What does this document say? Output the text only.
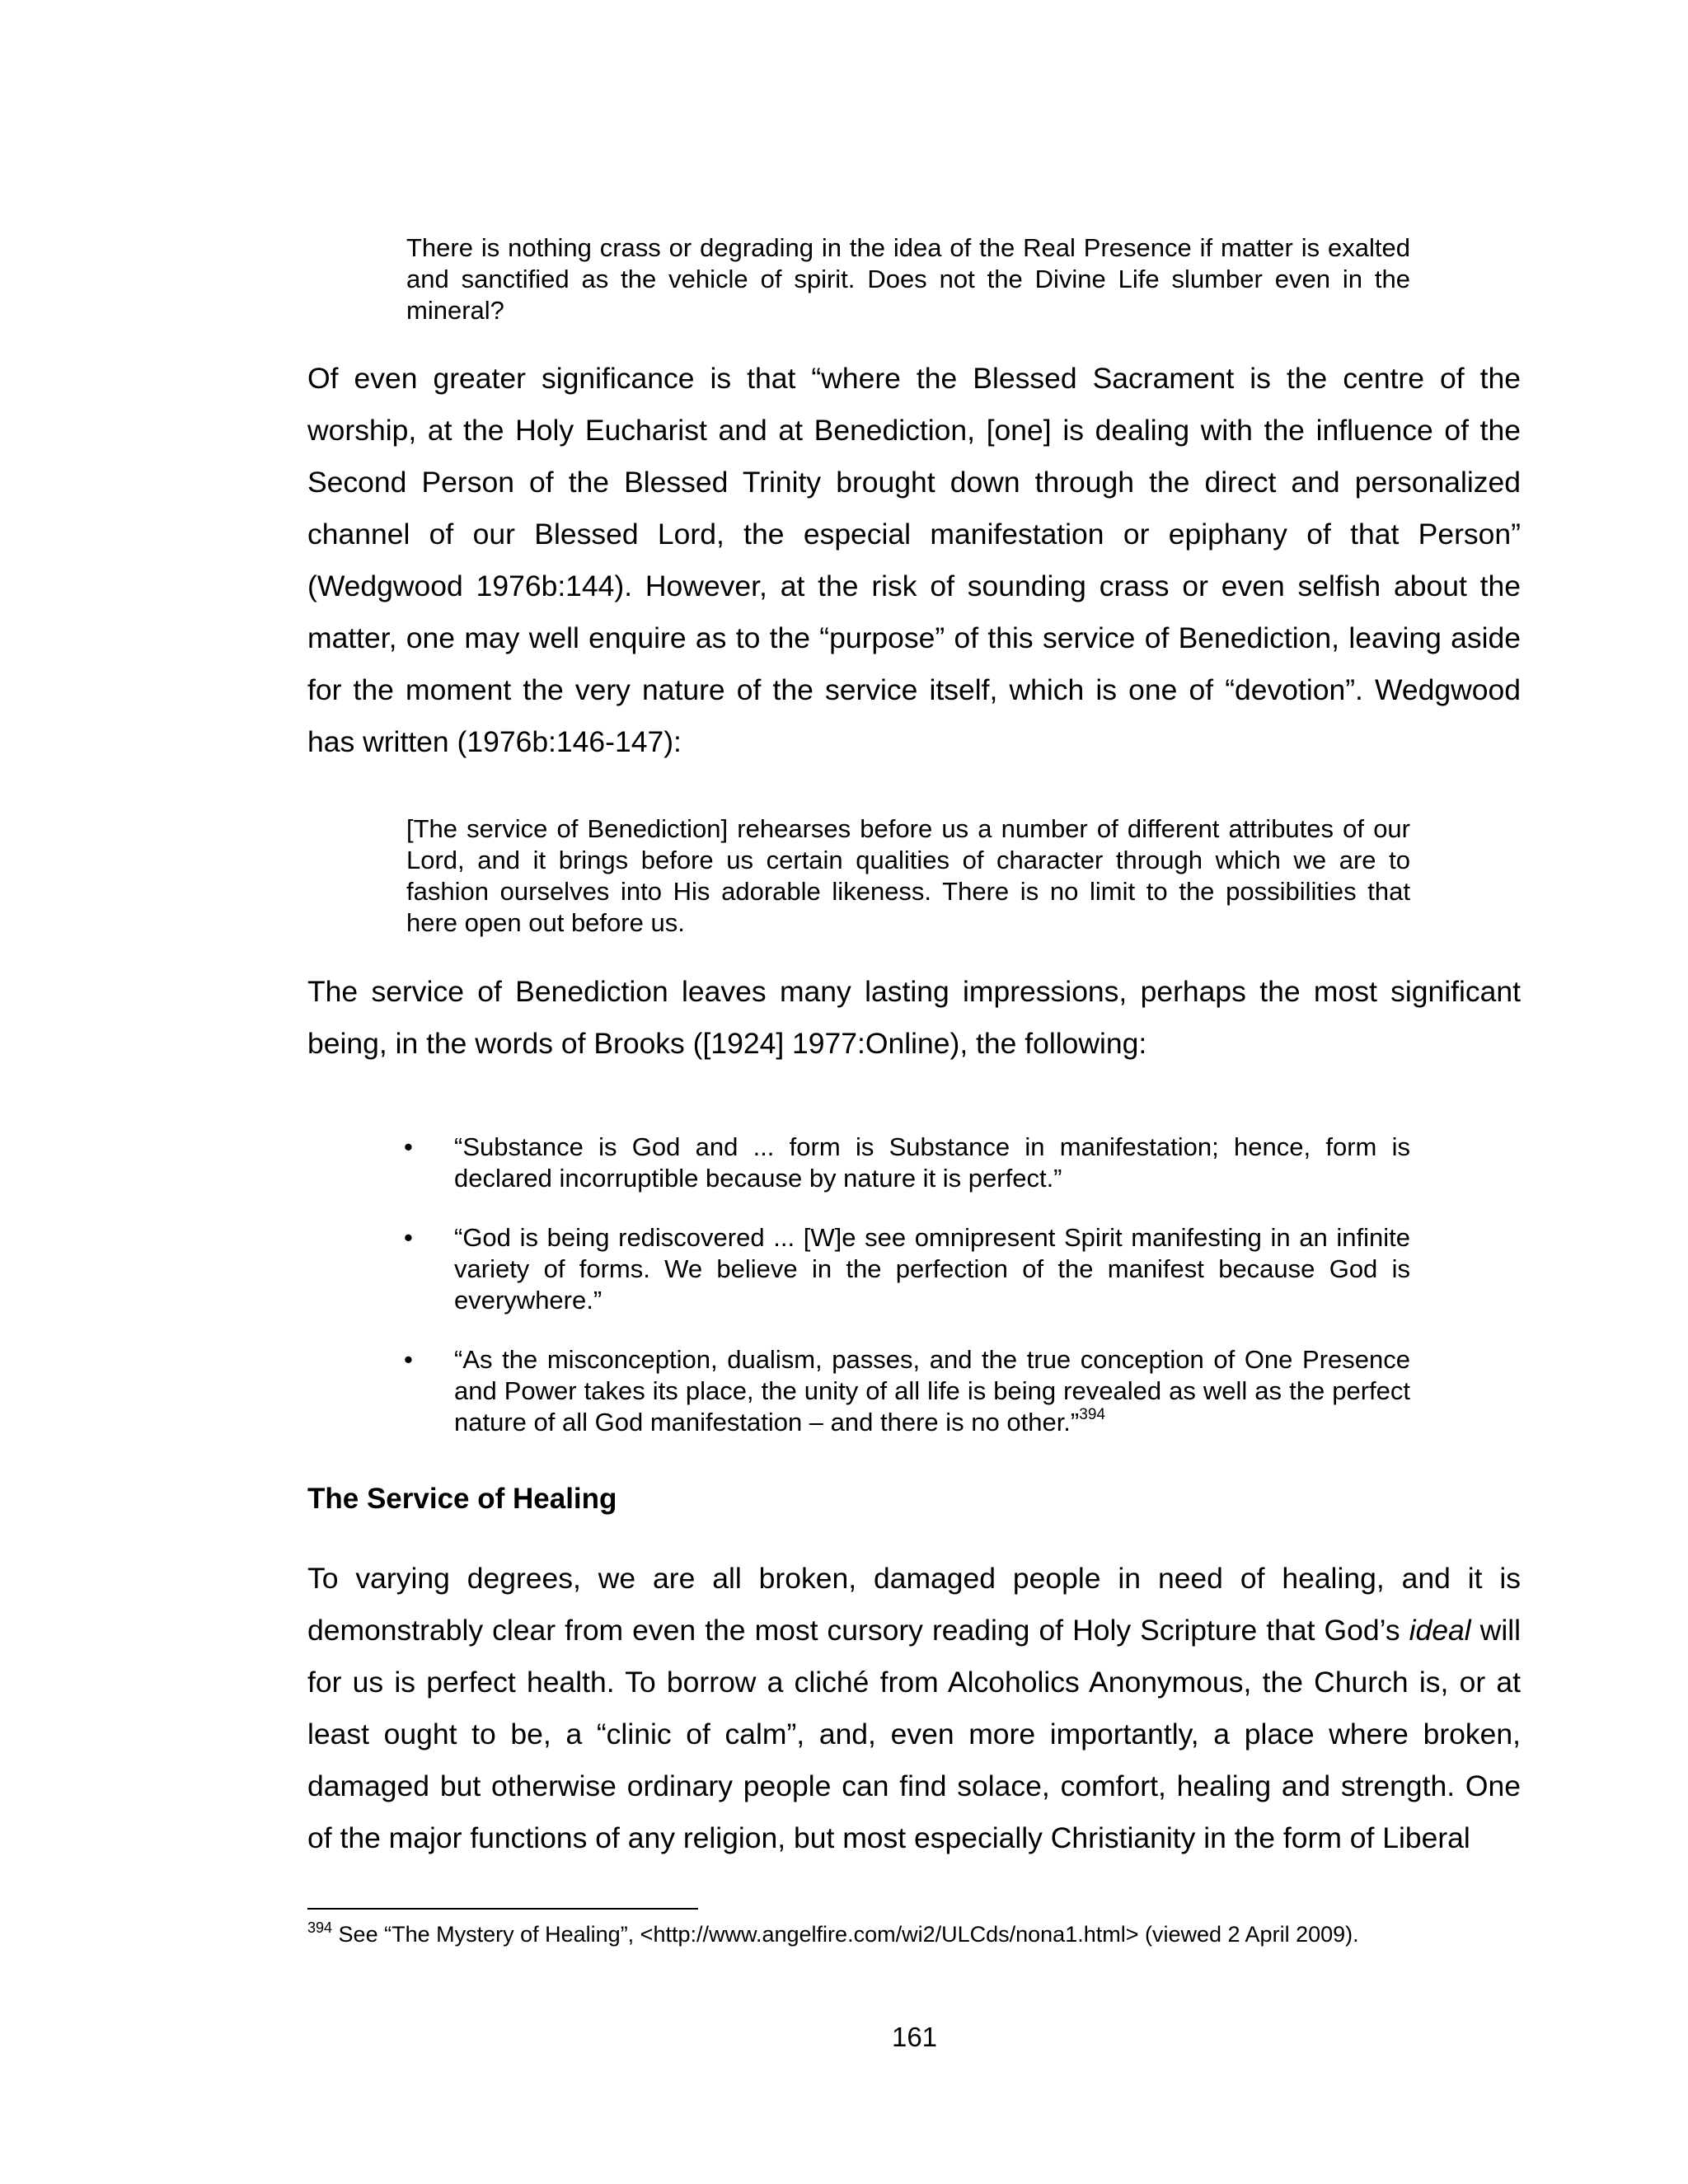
There is nothing crass or degrading in the idea of the Real Presence if matter is exalted and sanctified as the vehicle of spirit. Does not the Divine Life slumber even in the mineral?

Of even greater significance is that “where the Blessed Sacrament is the centre of the worship, at the Holy Eucharist and at Benediction, [one] is dealing with the influence of the Second Person of the Blessed Trinity brought down through the direct and personalized channel of our Blessed Lord, the especial manifestation or epiphany of that Person” (Wedgwood 1976b:144). However, at the risk of sounding crass or even selfish about the matter, one may well enquire as to the “purpose” of this service of Benediction, leaving aside for the moment the very nature of the service itself, which is one of “devotion”. Wedgwood has written (1976b:146-147):

[The service of Benediction] rehearses before us a number of different attributes of our Lord, and it brings before us certain qualities of character through which we are to fashion ourselves into His adorable likeness. There is no limit to the possibilities that here open out before us.

The service of Benediction leaves many lasting impressions, perhaps the most significant being, in the words of Brooks ([1924] 1977:Online), the following:

• “Substance is God and ... form is Substance in manifestation; hence, form is declared incorruptible because by nature it is perfect.”
• “God is being rediscovered ... [W]e see omnipresent Spirit manifesting in an infinite variety of forms. We believe in the perfection of the manifest because God is everywhere.”
• “As the misconception, dualism, passes, and the true conception of One Presence and Power takes its place, the unity of all life is being revealed as well as the perfect nature of all God manifestation – and there is no other.”$^{394}$
The Service of Healing

To varying degrees, we are all broken, damaged people in need of healing, and it is demonstrably clear from even the most cursory reading of Holy Scripture that God’s ideal will for us is perfect health. To borrow a cliché from Alcoholics Anonymous, the Church is, or at least ought to be, a “clinic of calm”, and, even more importantly, a place where broken, damaged but otherwise ordinary people can find solace, comfort, healing and strength. One of the major functions of any religion, but most especially Christianity in the form of Liberal

$^{394}$ See “The Mystery of Healing”, <http://www.angelfire.com/wi2/ULCds/nona1.html> (viewed 2 April 2009).

161
